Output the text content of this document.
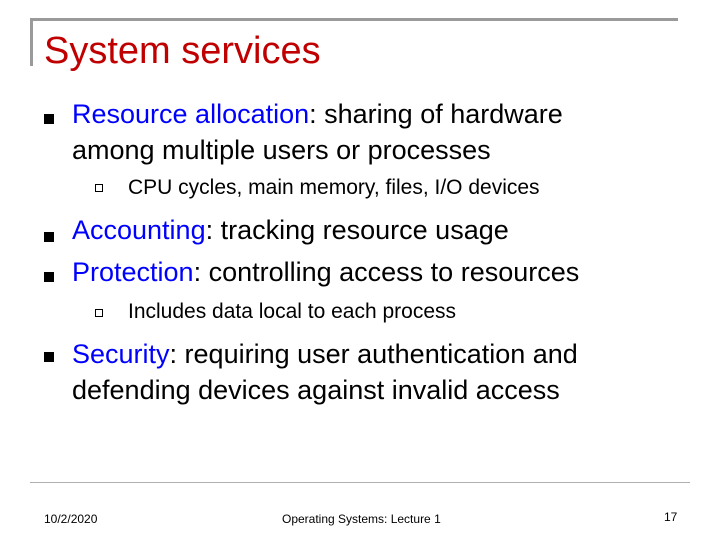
System services
Resource allocation: sharing of hardware
among multiple users or processes
CPU cycles, main memory, files, I/O devices
Accounting: tracking resource usage
Protection: controlling access to resources
Includes data local to each process
Security: requiring user authentication and
defending devices against invalid access
10/2/2020	Operating Systems: Lecture 1	17
